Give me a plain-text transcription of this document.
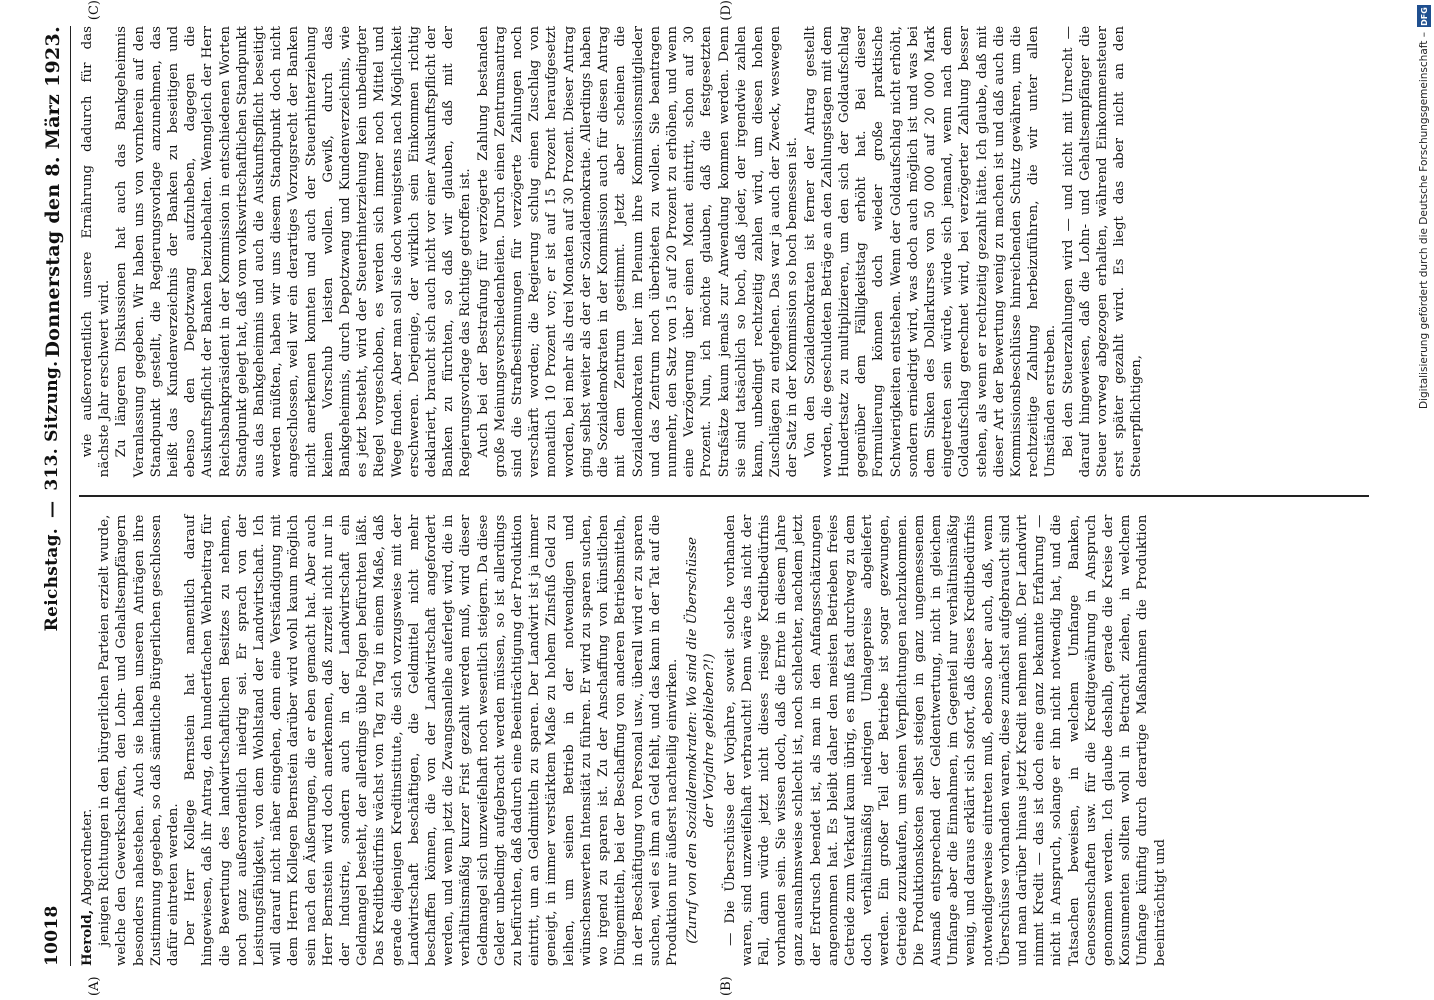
10018
Reichstag.—313. Sitzung.
Donnerstag den 8. März 1923.

Herold, Abgeordneter. jenigen Richtungen in den bürgerlichen Parteien erzielt wurde, welche den Gewerkschaften, den Lohn- und Gehaltsempfängern besonders nahestehen. Auch sie haben unseren Anträgen ihre Zustimmung gegeben, so daß sämtliche Bürgerlichen geschlossen dafür eintreten werden. Der Herr Kollege Bernstein hat namentlich darauf hingewiesen, daß ihr Antrag, den hundertfachen Wehrbeitrag für die Bewertung des landwirtschaftlichen Besitzes zu nehmen, noch ganz außerordentlich niedrig sei. Er sprach von der Leistungsfähigkeit, von dem Wohlstand der Landwirtschaft. Ich will darauf nicht näher eingehen, denn eine Verständigung mit dem Herrn Kollegen Bernstein darüber wird wohl kaum möglich sein nach den Äußerungen, die er eben gemacht hat. Aber auch Herr Bernstein wird doch anerkennen, daß zurzeit nicht nur in der Industrie, sondern auch in der Landwirtschaft ein Geldmangel besteht, der allerdings üble Folgen befürchten läßt. Das Kreditbedürfnis wächst von Tag zu Tag in einem Maße, daß gerade diejenigen Kreditinstitute, die sich vorzugsweise mit der Landwirtschaft beschäftigen, die Geldmittel nicht mehr beschaffen können, die von der Landwirtschaft angefordert werden, und wenn jetzt die Zwangsanleihe auferlegt wird, die in verhältnismäßig kurzer Frist gezahlt werden muß, wird dieser Geldmangel sich unzweifelhaft noch wesentlich steigern. Da diese Gelder unbedingt aufgebracht werden müssen, so ist allerdings zu befürchten, daß dadurch eine Beeinträchtigung der Produktion eintritt, um an Geldmitteln zu sparen. Der Landwirt ist ja immer geneigt, in immer verstärktem Maße zu hohem Zinsfuß Geld zu leihen, um seinen Betrieb in der notwendigen und wünschenswerten Intensität zu führen. Er wird zu sparen suchen, wo irgend zu sparen ist. Zu der Anschaffung von künstlichen Düngemitteln, bei der Beschaffung von anderen Betriebsmitteln, in der Beschäftigung von Personal usw., überall wird er zu sparen suchen, weil es ihm an Geld fehlt, und das kann in der Tat auf die Produktion nur äußerst nachteilig einwirken. (Zuruf von den Sozialdemokraten: Wo sind die Überschüsse der Vorjahre geblieben?!) — Die Überschüsse der Vorjahre, soweit solche vorhanden waren, sind unzweifelhaft verbraucht! Denn wäre das nicht der Fall, dann würde jetzt nicht dieses riesige Kreditbedürfnis vorhanden sein. Sie wissen doch, daß die Ernte in diesem Jahre ganz ausnahmsweise schlecht ist, noch schlechter, nachdem jetzt der Erdrusch beendet ist, als man in den Anfangsschätzungen angenommen hat. Es bleibt daher den meisten Betrieben freies Getreide zum Verkauf kaum übrig, es muß fast durchweg zu dem doch verhältnismäßig niedrigen Umlagepreise abgeliefert werden. Ein großer Teil der Betriebe ist sogar gezwungen, Getreide zuzukaufen, um seinen Verpflichtungen nachzukommen. Die Produktionskosten selbst steigen in ganz ungemessenem Ausmaß entsprechend der Geldentwertung, nicht in gleichem Umfange aber die Einnahmen, im Gegenteil nur verhältnismäßig wenig, und daraus erklärt sich sofort, daß dieses Kreditbedürfnis notwendigerweise eintreten muß, ebenso aber auch, daß, wenn Überschüsse vorhanden waren, diese zunächst aufgebraucht sind und man darüber hinaus jetzt Kredit nehmen muß. Der Landwirt nimmt Kredit — das ist doch eine ganz bekannte Erfahrung — nicht in Anspruch, solange er ihn nicht notwendig hat, und die Tatsachen beweisen, in welchem Umfange Banken, Genossenschaften usw. für die Kreditgewährung in Anspruch genommen werden. Ich glaube deshalb, gerade die Kreise der Konsumenten sollten wohl in Betracht ziehen, in welchem Umfange künftig durch derartige Maßnahmen die Produktion beeinträchtigt und

wie außerordentlich unsere Ernährung dadurch für das nächste Jahr erschwert wird. Zu längeren Diskussionen hat auch das Bankgeheimnis Veranlassung gegeben. Wir haben uns von vornherein auf den Standpunkt gestellt, die Regierungsvorlage anzunehmen, das heißt das Kundenverzeichnis der Banken zu beseitigen und ebenso den Depotzwang aufzuheben, dagegen die Auskunftspflicht der Banken beizubehalten. Wenngleich der Herr Reichsbankpräsident in der Kommission in entschiedenen Worten Standpunkt gelegt hat, daß vom volkswirtschaftlichen Standpunkt aus das Bankgeheimnis und auch die Auskunftspflicht beseitigt werden müßten, haben wir uns diesem Standpunkt doch nicht angeschlossen, weil wir ein derartiges Vorzugsrecht der Banken nicht anerkennen konnten und auch der Steuerhinterziehung keinen Vorschub leisten wollen. Gewiß, durch das Bankgeheimnis, durch Depotzwang und Kundenverzeichnis, wie es jetzt besteht, wird der Steuerhinterziehung kein unbedingter Riegel vorgeschoben, es werden sich immer noch Mittel und Wege finden. Aber man soll sie doch wenigstens nach Möglichkeit erschweren. Derjenige, der wirklich sein Einkommen richtig deklariert, braucht sich auch nicht vor einer Auskunftspflicht der Banken zu fürchten, so daß wir glauben, daß mit der Regierungsvorlage das Richtige getroffen ist. Auch bei der Bestrafung für verzögerte Zahlung bestanden große Meinungsverschiedenheiten. Durch einen Zentrumsantrag sind die Strafbestimmungen für verzögerte Zahlungen noch verschärft worden; die Regierung schlug einen Zuschlag von monatlich 10 Prozent vor; er ist auf 15 Prozent heraufgesetzt worden, bei mehr als drei Monaten auf 30 Prozent. Dieser Antrag ging selbst weiter als der der Sozialdemokratie. Allerdings haben die Sozialdemokraten in der Kommission auch für diesen Antrag mit dem Zentrum gestimmt. Jetzt aber scheinen die Sozialdemokraten hier im Plenum ihre Kommissionsmitglieder und das Zentrum noch überbieten zu wollen. Sie beantragen nunmehr, den Satz von 15 auf 20 Prozent zu erhöhen, und wenn eine Verzögerung über einen Monat eintritt, schon auf 30 Prozent. Nun, ich möchte glauben, daß die festgesetzten Strafsätze kaum jemals zur Anwendung kommen werden. Denn sie sind tatsächlich so hoch, daß jeder, der irgendwie zahlen kann, unbedingt rechtzeitig zahlen wird, um diesen hohen Zuschlägen zu entgehen. Das war ja auch der Zweck, weswegen der Satz in der Kommission so hoch bemessen ist. Von den Sozialdemokraten ist ferner der Antrag gestellt worden, die geschuldeten Beträge an den Zahlungstagen mit dem Hundertsatz zu multiplizieren, um den sich der Goldaufschlag gegenüber dem Fälligkeitstag erhöht hat. Bei dieser Formulierung können doch wieder große praktische Schwierigkeiten entstehen. Wenn der Goldaufschlag nicht erhöht, sondern erniedrigt wird, was doch auch möglich ist und was bei dem Sinken des Dollarkurses von 50 000 auf 20 000 Mark eingetreten sein würde, würde sich jemand, wenn nach dem Goldaufschlag gerechnet wird, bei verzögerter Zahlung besser stehen, als wenn er rechtzeitig gezahlt hätte. Ich glaube, daß mit dieser Art der Bewertung wenig zu machen ist und daß auch die Kommissionsbeschlüsse hinreichenden Schutz gewähren, um die rechtzeitige Zahlung herbeizuführen, die wir unter allen Umständen erstreben. Bei den Steuerzahlungen wird — und nicht mit Unrecht — darauf hingewiesen, daß die Lohn- und Gehaltsempfänger die Steuer vorweg abgezogen erhalten, während Einkommensteuer erst später gezahlt wird. Es liegt das aber nicht an den Steuerpflichtigen,

(A)	(B)
(C)	(D)	DFG
Digitalisierung gefördert durch die Deutsche Forschungsgemeinschaft –
